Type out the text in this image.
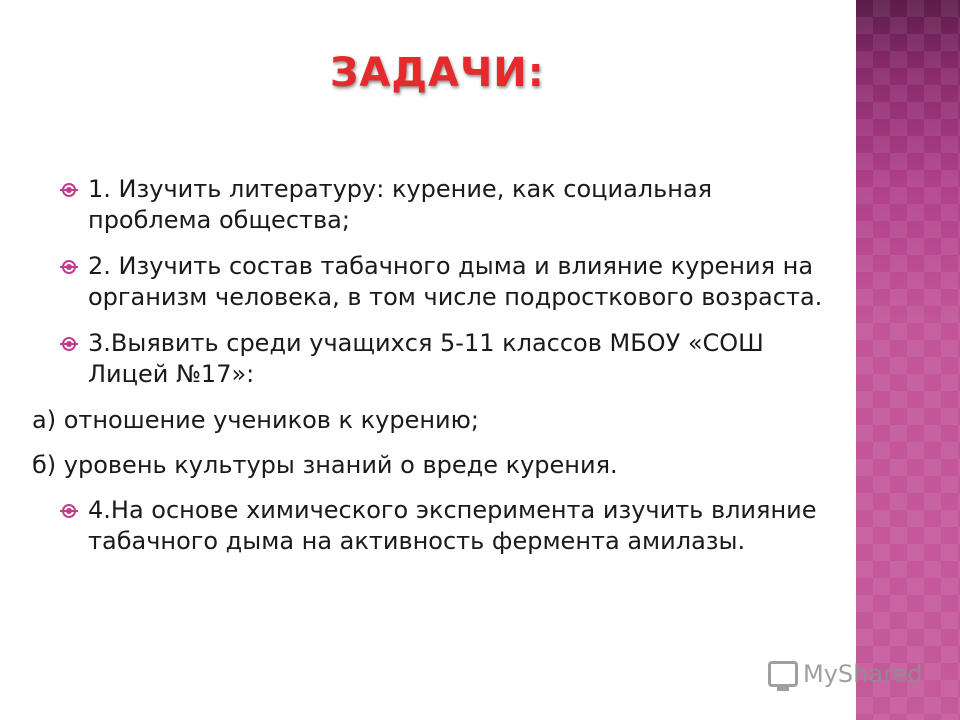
ЗАДАЧИ:
1. Изучить литературу: курение, как социальная проблема общества;
2. Изучить состав табачного дыма и влияние курения на организм человека, в том числе подросткового возраста.
3.Выявить среди учащихся 5-11 классов МБОУ «СОШ Лицей №17»:
а) отношение учеников к курению;
б) уровень культуры знаний о вреде курения.
4.На основе химического эксперимента изучить влияние табачного дыма на активность фермента амилазы.
MyShared
